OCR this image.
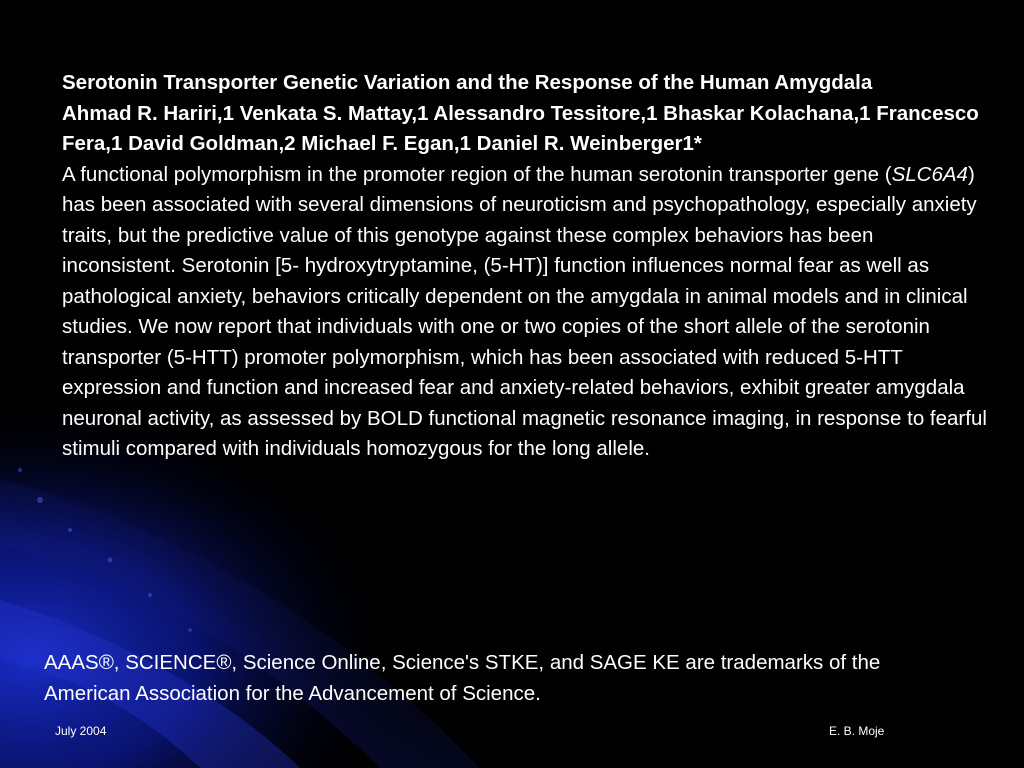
Serotonin Transporter Genetic Variation and the Response of the Human Amygdala
Ahmad R. Hariri,1 Venkata S. Mattay,1 Alessandro Tessitore,1 Bhaskar Kolachana,1 Francesco Fera,1 David Goldman,2 Michael F. Egan,1 Daniel R. Weinberger1*
A functional polymorphism in the promoter region of the human serotonin transporter gene (SLC6A4) has been associated with several dimensions of neuroticism and psychopathology, especially anxiety traits, but the predictive value of this genotype against these complex behaviors has been inconsistent. Serotonin [5- hydroxytryptamine, (5-HT)] function influences normal fear as well as pathological anxiety, behaviors critically dependent on the amygdala in animal models and in clinical studies. We now report that individuals with one or two copies of the short allele of the serotonin transporter (5-HTT) promoter polymorphism, which has been associated with reduced 5-HTT expression and function and increased fear and anxiety-related behaviors, exhibit greater amygdala neuronal activity, as assessed by BOLD functional magnetic resonance imaging, in response to fearful stimuli compared with individuals homozygous for the long allele.
AAAS®, SCIENCE®, Science Online, Science's STKE, and SAGE KE are trademarks of the American Association for the Advancement of Science.
July 2004	E. B. Moje
